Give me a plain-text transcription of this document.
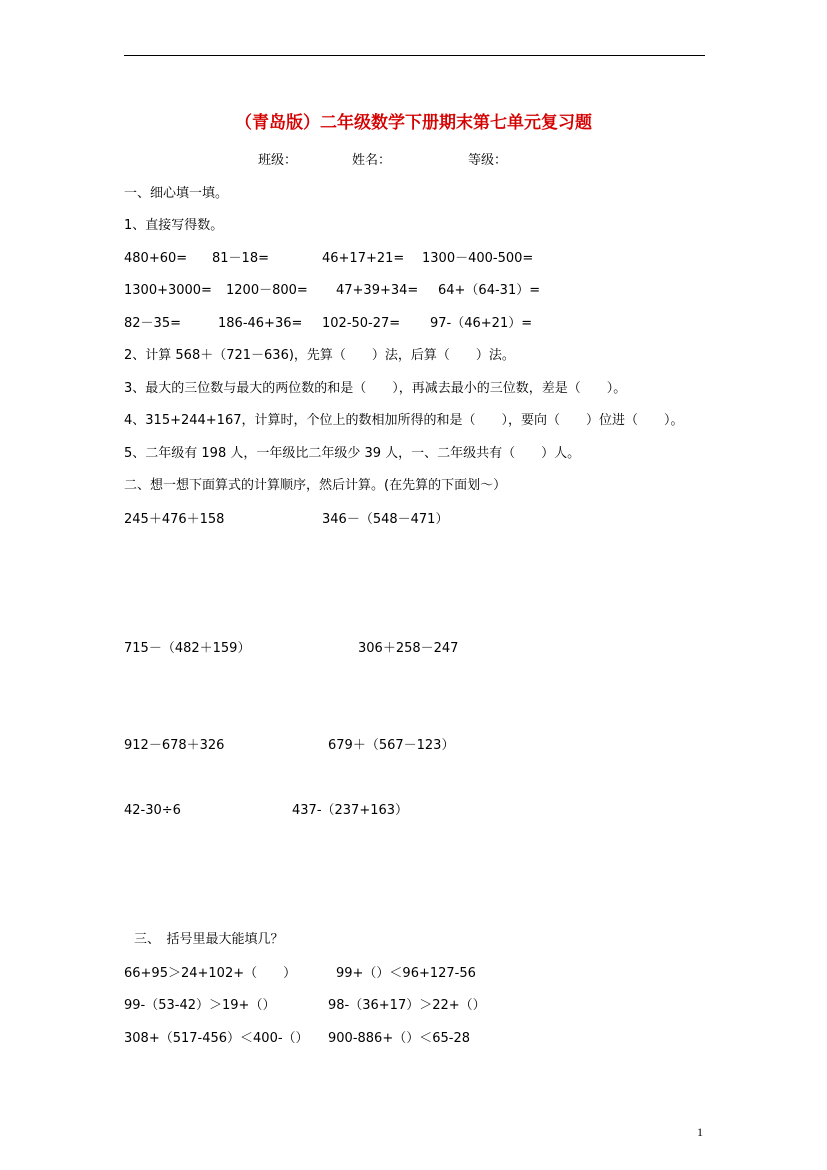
（青岛版）二年级数学下册期末第七单元复习题
班级：	姓名：	等级：
一、细心填一填。
1、直接写得数。
480+60= 81－18=	46+17+21= 1300－400-500=
1300+3000= 1200－800= 47+39+34= 64+（64-31）=
82－35=	186-46+36= 102-50-27= 97-（46+21）=
2、计算 568＋（721－636)，先算（　　）法，后算（　　）法。
3、最大的三位数与最大的两位数的和是（　　），再减去最小的三位数，差是（　　）。
4、315+244+167，计算时，个位上的数相加所得的和是（　　），要向（　　）位进（　　）。
5、二年级有 198 人，一年级比二年级少 39 人，一、二年级共有（　　）人。
二、想一想下面算式的计算顺序，然后计算。(在先算的下面划～）
245＋476＋158	346－（548－471）
715－（482＋159）	306＋258－247
912－678＋326	679＋（567－123）
42-30÷6	437-（237+163）
三、　括号里最大能填几？
66+95＞24+102+（　　）	99+（）＜96+127-56
99-（53-42）＞19+（）	98-（36+17）＞22+（）
308+（517-456）＜400-（） 900-886+（）＜65-28
1
